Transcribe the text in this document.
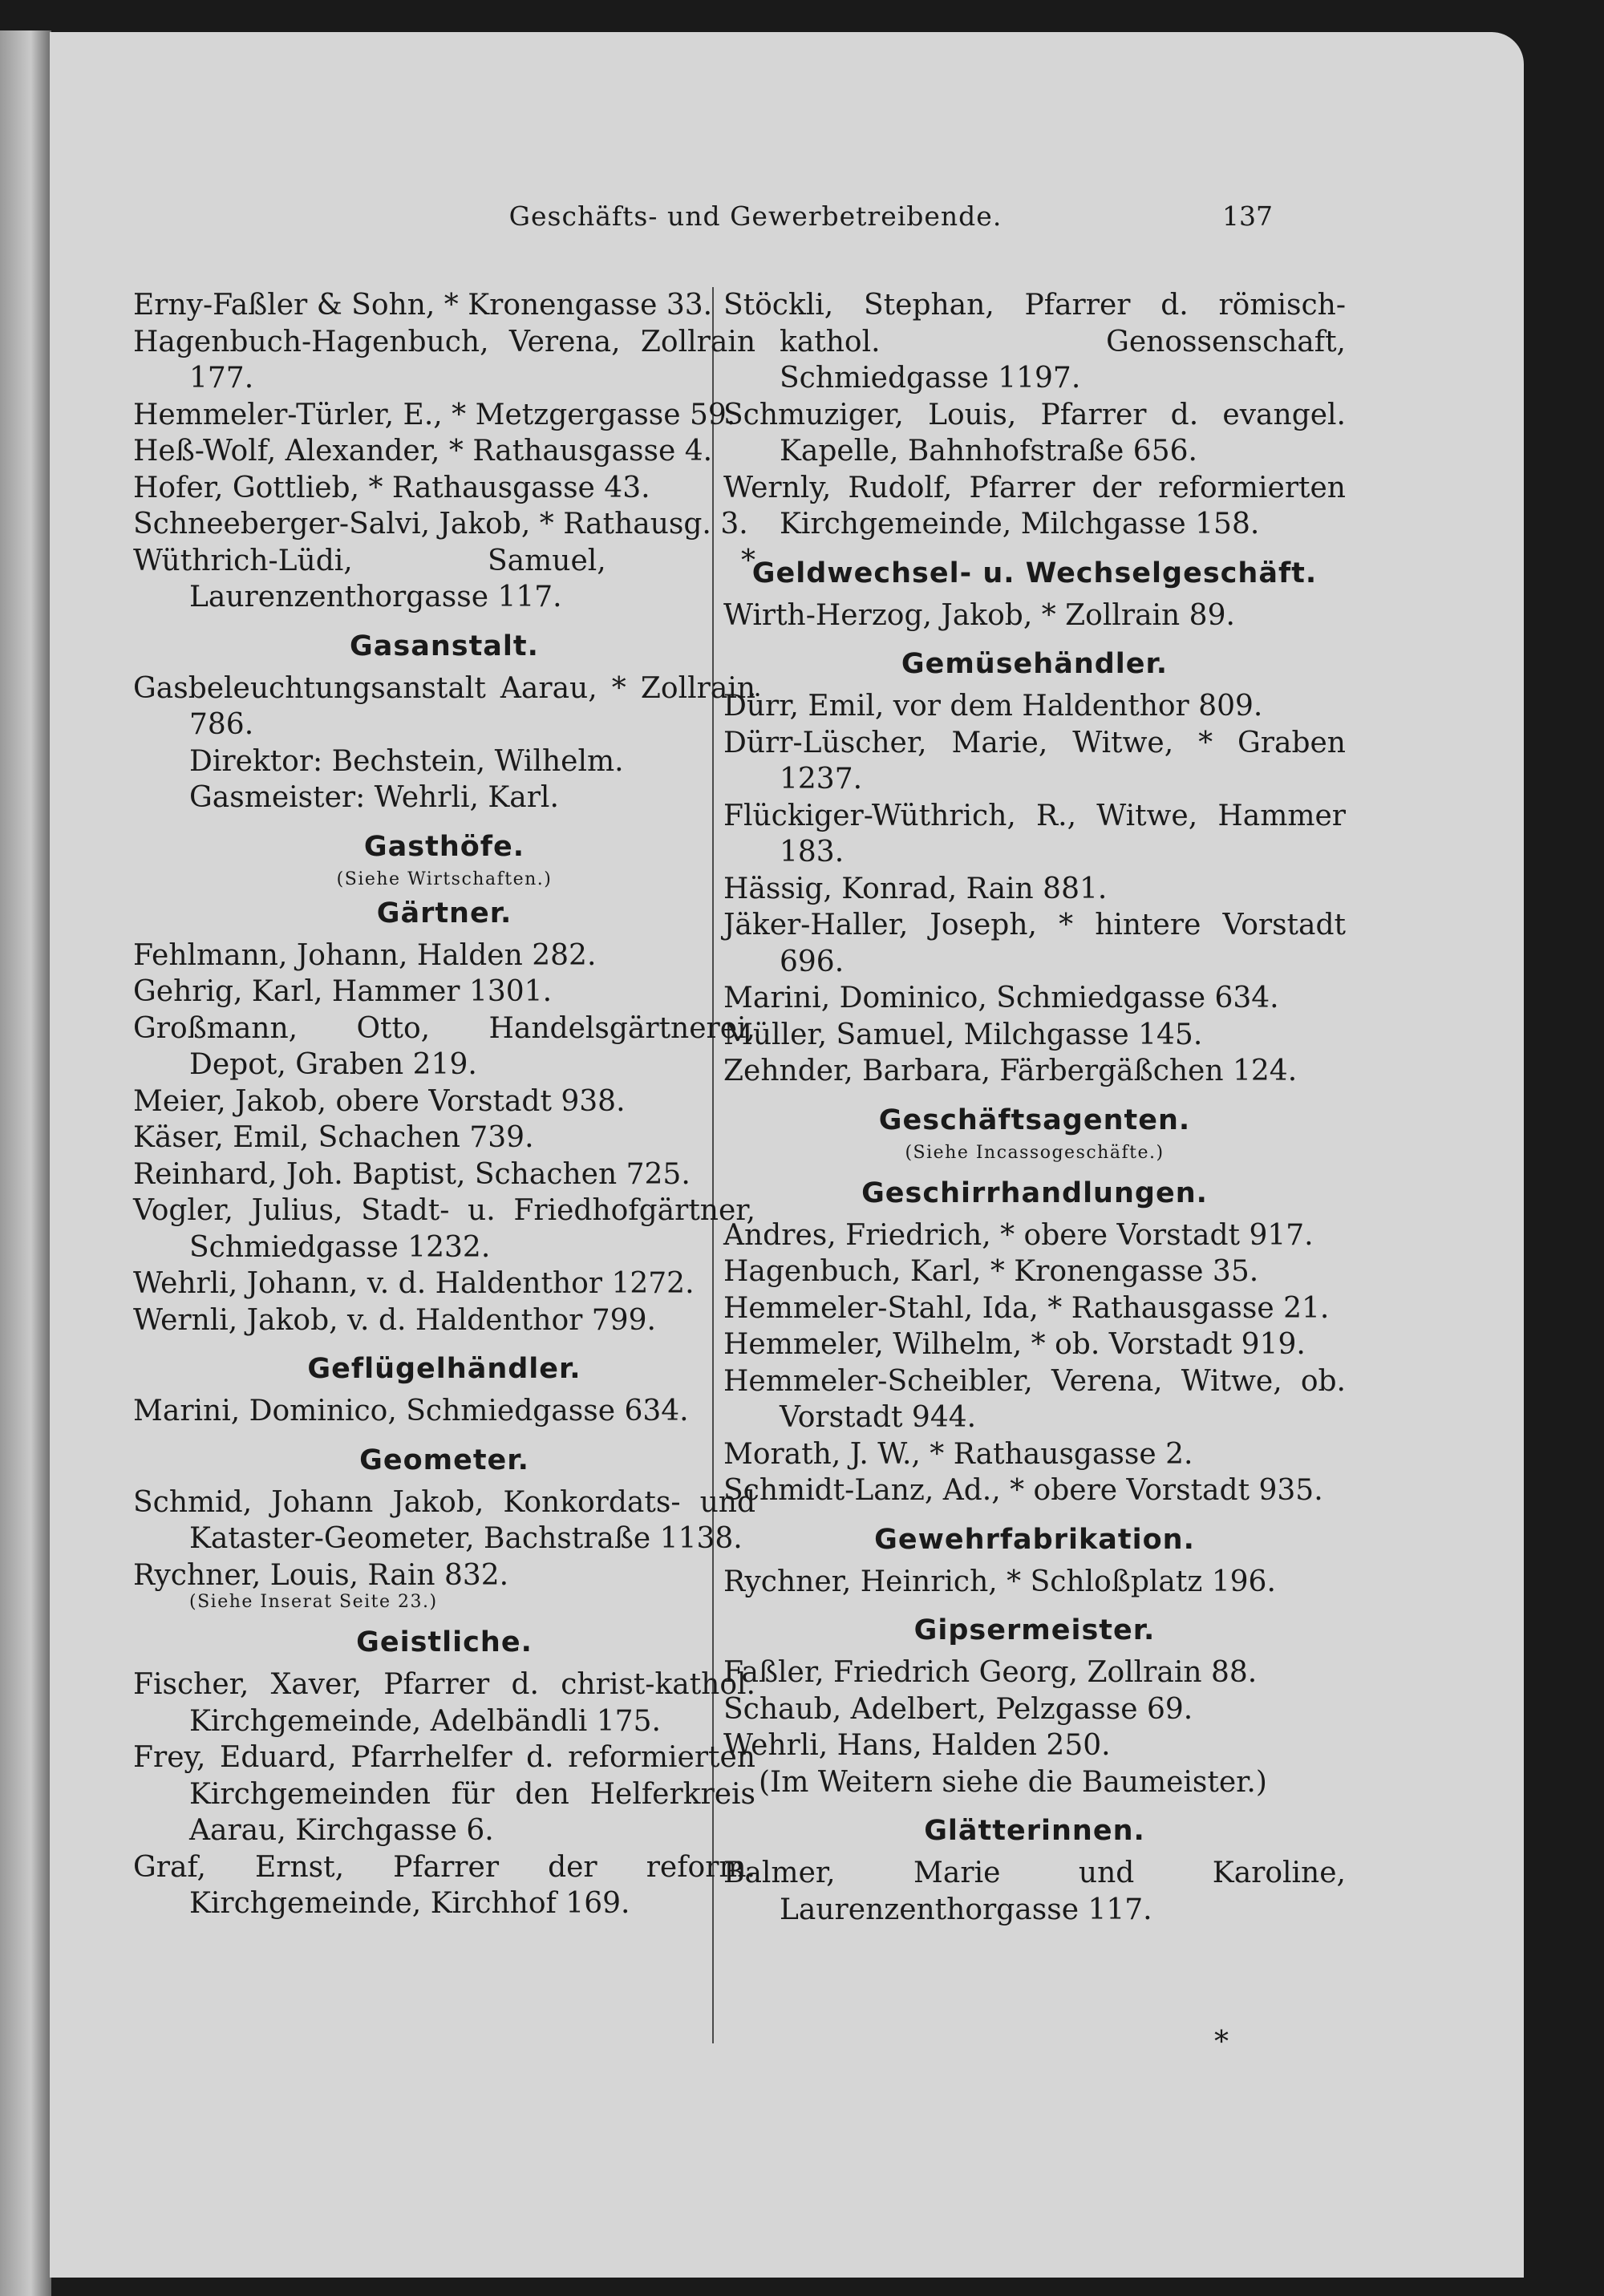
Geschäfts- und Gewerbetreibende.	137
Erny-Faßler & Sohn, * Kronengasse 33.
Hagenbuch-Hagenbuch, Verena, Zollrain 177.
Hemmeler-Türler, E., * Metzgergasse 59.
Heß-Wolf, Alexander, * Rathausgasse 4.
Hofer, Gottlieb, * Rathausgasse 43.
Schneeberger-Salvi, Jakob, * Rathausg. 3.
Wüthrich-Lüdi, Samuel, * Laurenzenthorgasse 117.
Gasanstalt.
Gasbeleuchtungsanstalt Aarau, * Zollrain 786.
Direktor: Bechstein, Wilhelm.
Gasmeister: Wehrli, Karl.
Gasthöfe.
(Siehe Wirtschaften.)
Gärtner.
Fehlmann, Johann, Halden 282.
Gehrig, Karl, Hammer 1301.
Großmann, Otto, Handelsgärtnerei, Depot, Graben 219.
Meier, Jakob, obere Vorstadt 938.
Käser, Emil, Schachen 739.
Reinhard, Joh. Baptist, Schachen 725.
Vogler, Julius, Stadt- u. Friedhofgärtner, Schmiedgasse 1232.
Wehrli, Johann, v. d. Haldenthor 1272.
Wernli, Jakob, v. d. Haldenthor 799.
Geflügelhändler.
Marini, Dominico, Schmiedgasse 634.
Geometer.
Schmid, Johann Jakob, Konkordats- und Kataster-Geometer, Bachstraße 1138.
Rychner, Louis, Rain 832.
(Siehe Inserat Seite 23.)
Geistliche.
Fischer, Xaver, Pfarrer d. christ-kathol. Kirchgemeinde, Adelbändli 175.
Frey, Eduard, Pfarrhelfer d. reformierten Kirchgemeinden für den Helferkreis Aarau, Kirchgasse 6.
Graf, Ernst, Pfarrer der reform. Kirchgemeinde, Kirchhof 169.
Stöckli, Stephan, Pfarrer d. römisch-kathol. Genossenschaft, Schmiedgasse 1197.
Schmuziger, Louis, Pfarrer d. evangel. Kapelle, Bahnhofstraße 656.
Wernly, Rudolf, Pfarrer der reformierten Kirchgemeinde, Milchgasse 158.
Geldwechsel- u. Wechselgeschäft.
Wirth-Herzog, Jakob, * Zollrain 89.
Gemüsehändler.
Dürr, Emil, vor dem Haldenthor 809.
Dürr-Lüscher, Marie, Witwe, * Graben 1237.
Flückiger-Wüthrich, R., Witwe, Hammer 183.
Hässig, Konrad, Rain 881.
Jäker-Haller, Joseph, * hintere Vorstadt 696.
Marini, Dominico, Schmiedgasse 634.
Müller, Samuel, Milchgasse 145.
Zehnder, Barbara, Färbergäßchen 124.
Geschäftsagenten.
(Siehe Incassogeschäfte.)
Geschirrhandlungen.
Andres, Friedrich, * obere Vorstadt 917.
Hagenbuch, Karl, * Kronengasse 35.
Hemmeler-Stahl, Ida, * Rathausgasse 21.
Hemmeler, Wilhelm, * ob. Vorstadt 919.
Hemmeler-Scheibler, Verena, Witwe, ob. Vorstadt 944.
Morath, J. W., * Rathausgasse 2.
Schmidt-Lanz, Ad., * obere Vorstadt 935.
Gewehrfabrikation.
Rychner, Heinrich, * Schloßplatz 196.
Gipsermeister.
Faßler, Friedrich Georg, Zollrain 88.
Schaub, Adelbert, Pelzgasse 69.
Wehrli, Hans, Halden 250.
(Im Weitern siehe die Baumeister.)
Glätterinnen.
Balmer, Marie und Karoline, Laurenzenthorgasse 117.
*
